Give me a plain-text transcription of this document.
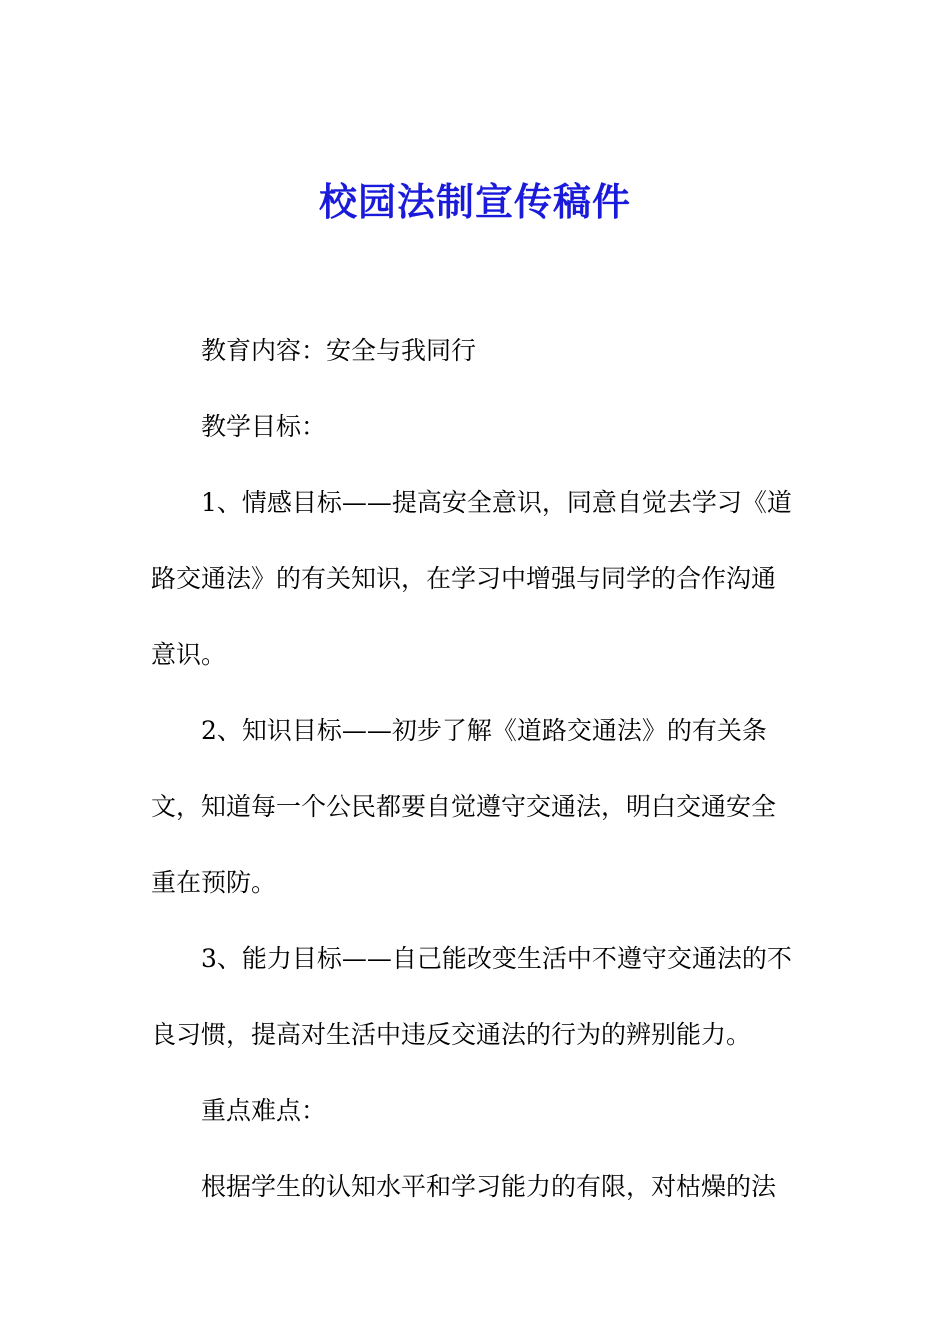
校园法制宣传稿件
教育内容：安全与我同行
教学目标：
1、情感目标——提高安全意识，同意自觉去学习《道
路交通法》的有关知识，在学习中增强与同学的合作沟通
意识。
2、知识目标——初步了解《道路交通法》的有关条
文，知道每一个公民都要自觉遵守交通法，明白交通安全
重在预防。
3、能力目标——自己能改变生活中不遵守交通法的不
良习惯，提高对生活中违反交通法的行为的辨别能力。
重点难点：
根据学生的认知水平和学习能力的有限，对枯燥的法
